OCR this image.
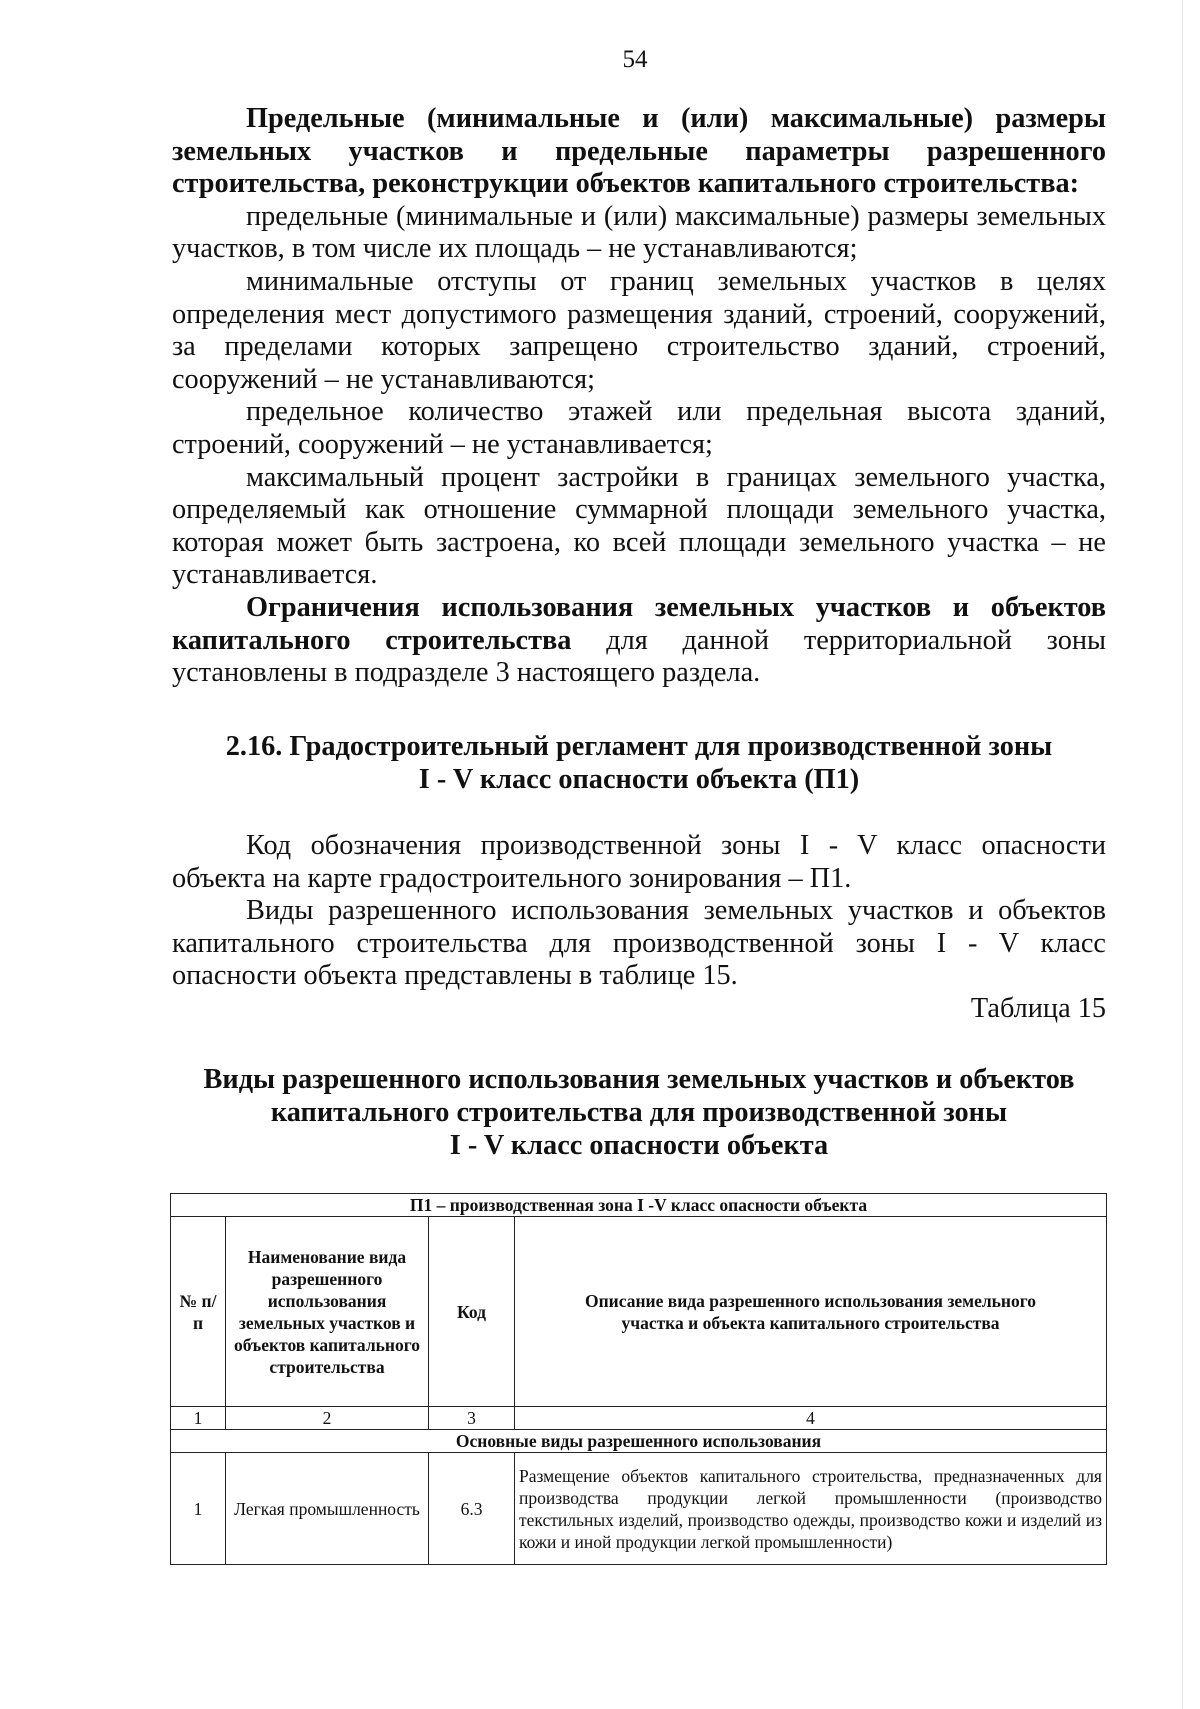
54

Предельные (минимальные и (или) максимальные) размеры земельных участков и предельные параметры разрешенного строительства, реконструкции объектов капитального строительства:

предельные (минимальные и (или) максимальные) размеры земельных участков, в том числе их площадь – не устанавливаются;

минимальные отступы от границ земельных участков в целях определения мест допустимого размещения зданий, строений, сооружений, за пределами которых запрещено строительство зданий, строений, сооружений – не устанавливаются;

предельное количество этажей или предельная высота зданий, строений, сооружений – не устанавливается;

максимальный процент застройки в границах земельного участка, определяемый как отношение суммарной площади земельного участка, которая может быть застроена, ко всей площади земельного участка – не устанавливается.

Ограничения использования земельных участков и объектов капитального строительства для данной территориальной зоны установлены в подразделе 3 настоящего раздела.

2.16. Градостроительный регламент для производственной зоны

I - V класс опасности объекта (П1)

Код обозначения производственной зоны I - V класс опасности объекта на карте градостроительного зонирования – П1.

Виды разрешенного использования земельных участков и объектов капитального строительства для производственной зоны I - V класс опасности объекта представлены в таблице 15.

Таблица 15

Виды разрешенного использования земельных участков и объектов

капитального строительства для производственной зоны

I - V класс опасности объекта

П1 – производственная зона I -V класс опасности объекта			
№ п/п	Наименование вида разрешенного использования земельных участков и объектов капитального строительства	Код	Описание вида разрешенного использования земельного участка и объекта капитального строительства
1	2	3	4
Основные виды разрешенного использования			
1	Легкая промышленность	6.3	Размещение объектов капитального строительства, предназначенных для производства продукции легкой промышленности (производство текстильных изделий, производство одежды, производство кожи и изделий из кожи и иной продукции легкой промышленности)
